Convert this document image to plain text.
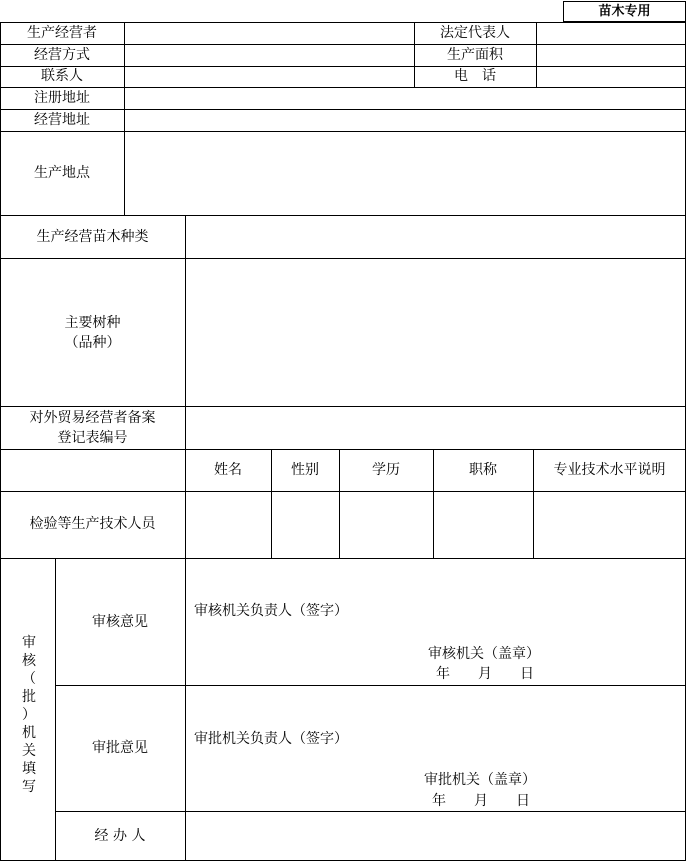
苗木专用
生产经营者	法定代表人
经营方式	生产面积
联系人	电　话
注册地址
经营地址
生产地点
生产经营苗木种类
主要树种
（品种）
对外贸易经营者备案
登记表编号
姓名	性别	学历	职称	专业技术水平说明
检验等生产技术人员
审
核
（
批
）
机
关
填
写
审核意见
审核机关负责人（签字）
审核机关（盖章）
年　　月　　日
审批意见
审批机关负责人（签字）
审批机关（盖章）
年　　月　　日
经 办 人
